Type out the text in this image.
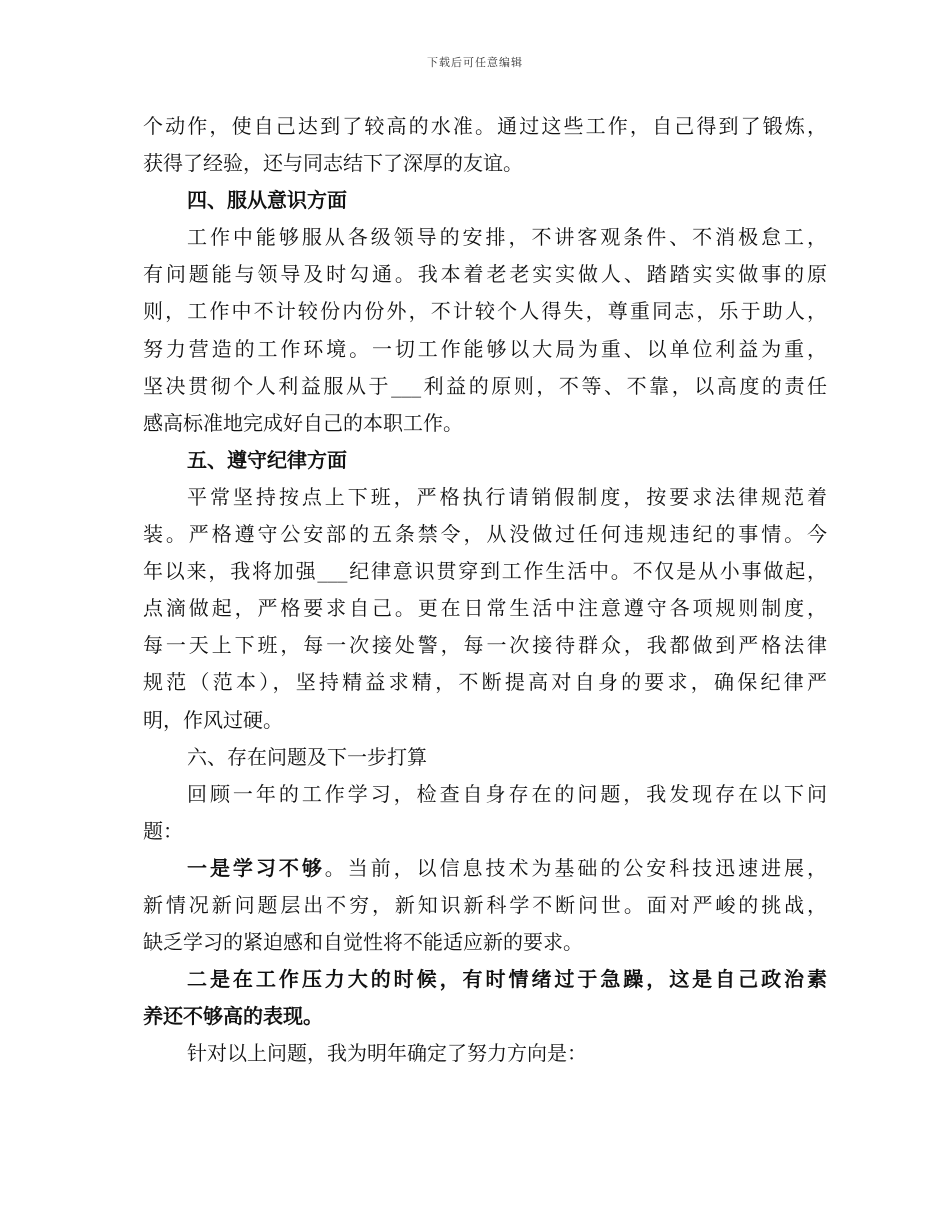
下载后可任意编辑
个动作，使自己达到了较高的水准。通过这些工作，自己得到了锻炼，
获得了经验，还与同志结下了深厚的友谊。
四、服从意识方面
工作中能够服从各级领导的安排，不讲客观条件、不消极怠工，
有问题能与领导及时勾通。我本着老老实实做人、踏踏实实做事的原
则，工作中不计较份内份外，不计较个人得失，尊重同志，乐于助人，
努力营造的工作环境。一切工作能够以大局为重、以单位利益为重，
坚决贯彻个人利益服从于___利益的原则，不等、不靠，以高度的责任
感高标准地完成好自己的本职工作。
五、遵守纪律方面
平常坚持按点上下班，严格执行请销假制度，按要求法律规范着
装。严格遵守公安部的五条禁令，从没做过任何违规违纪的事情。今
年以来，我将加强___纪律意识贯穿到工作生活中。不仅是从小事做起，
点滴做起，严格要求自己。更在日常生活中注意遵守各项规则制度，
每一天上下班，每一次接处警，每一次接待群众，我都做到严格法律
规范（范本），坚持精益求精，不断提高对自身的要求，确保纪律严
明，作风过硬。
六、存在问题及下一步打算
回顾一年的工作学习，检查自身存在的问题，我发现存在以下问
题：
一是学习不够。当前，以信息技术为基础的公安科技迅速进展，
新情况新问题层出不穷，新知识新科学不断问世。面对严峻的挑战，
缺乏学习的紧迫感和自觉性将不能适应新的要求。
二是在工作压力大的时候，有时情绪过于急躁，这是自己政治素
养还不够高的表现。
针对以上问题，我为明年确定了努力方向是：
